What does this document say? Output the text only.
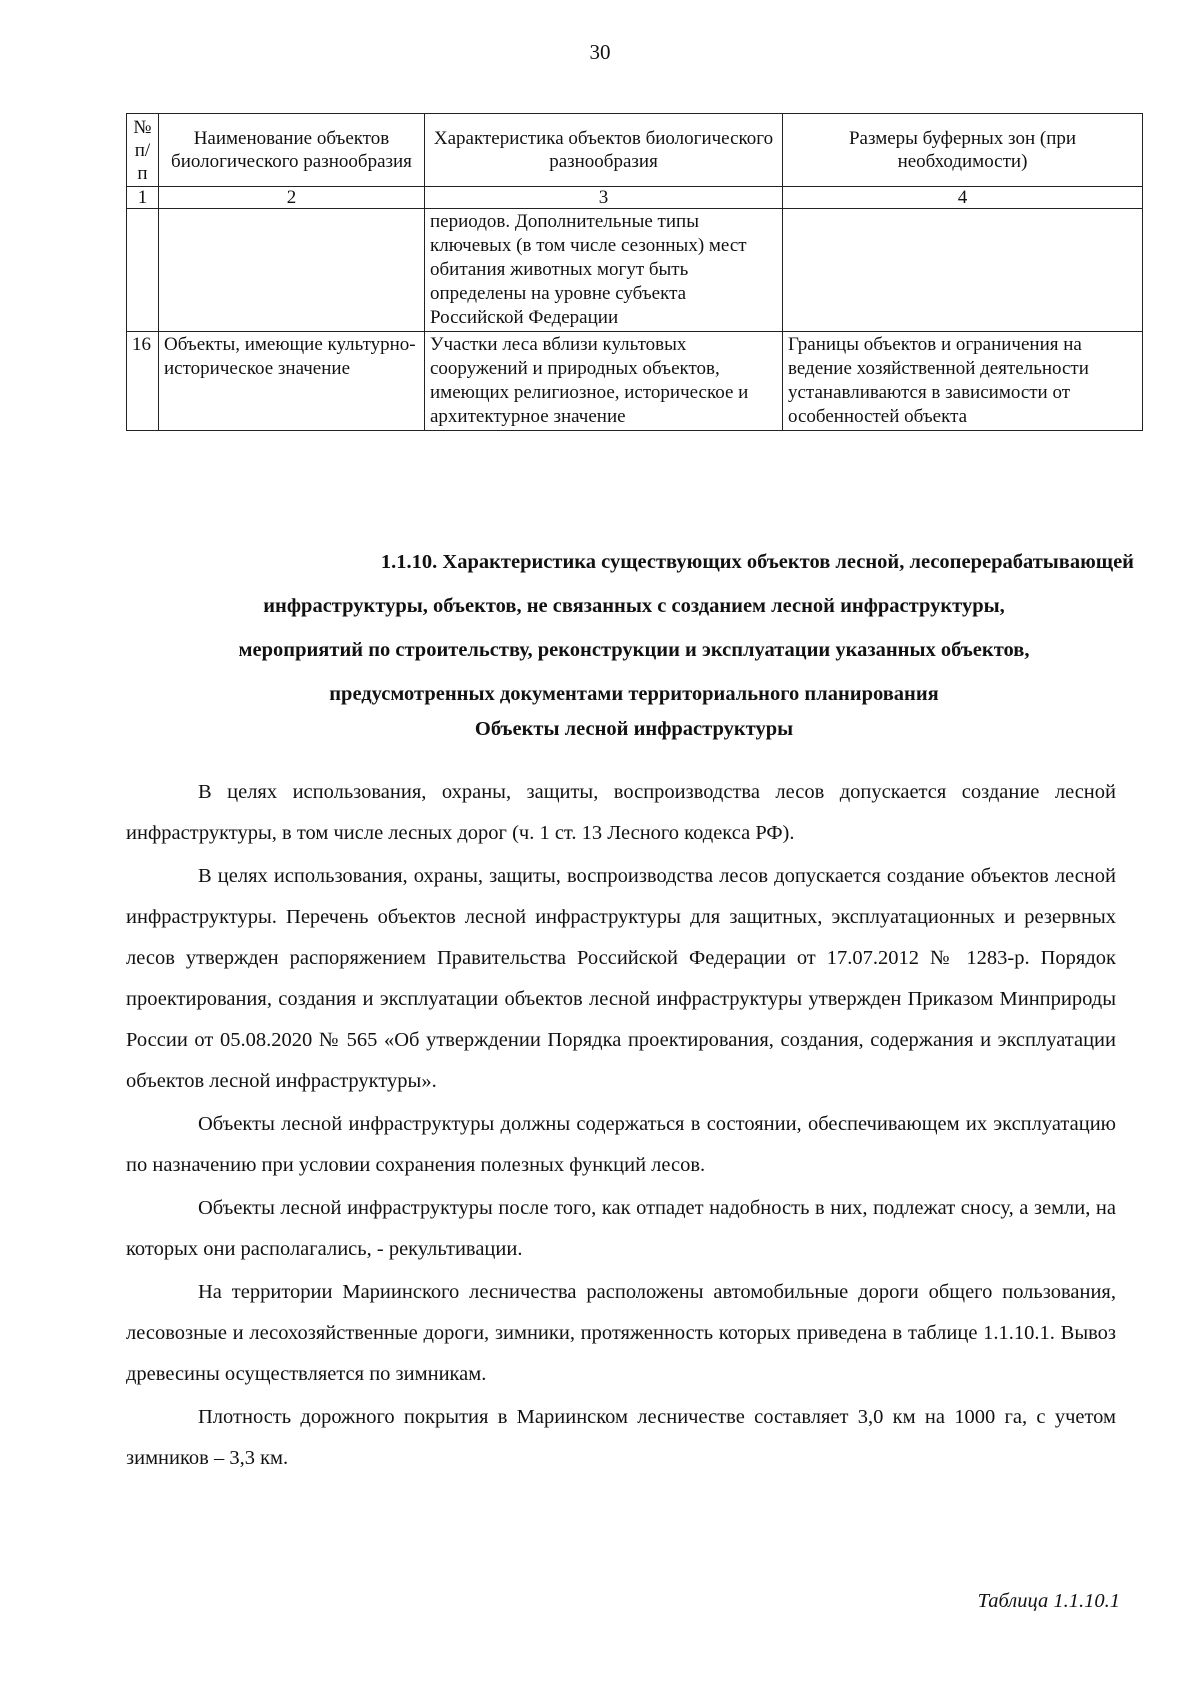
30
№ п/п	Наименование объектов биологического разнообразия	Характеристика объектов биологического разнообразия	Размеры буферных зон (при необходимости)
1	2	3	4
		периодов. Дополнительные типы ключевых (в том числе сезонных) мест обитания животных могут быть определены на уровне субъекта Российской Федерации	
16	Объекты, имеющие культурно-историческое значение	Участки леса вблизи культовых сооружений и природных объектов, имеющих религиозное, историческое и архитектурное значение	Границы объектов и ограничения на ведение хозяйственной деятельности устанавливаются в зависимости от особенностей объекта
1.1.10. Характеристика существующих объектов лесной, лесоперерабатывающей
инфраструктуры, объектов, не связанных с созданием лесной инфраструктуры,
мероприятий по строительству, реконструкции и эксплуатации указанных объектов,
предусмотренных документами территориального планирования
Объекты лесной инфраструктуры

В целях использования, охраны, защиты, воспроизводства лесов допускается создание лесной инфраструктуры, в том числе лесных дорог (ч. 1 ст. 13 Лесного кодекса РФ).

В целях использования, охраны, защиты, воспроизводства лесов допускается создание объектов лесной инфраструктуры. Перечень объектов лесной инфраструктуры для защитных, эксплуатационных и резервных лесов утвержден распоряжением Правительства Российской Федерации от 17.07.2012 № 1283-р. Порядок проектирования, создания и эксплуатации объектов лесной инфраструктуры утвержден Приказом Минприроды России от 05.08.2020 № 565 «Об утверждении Порядка проектирования, создания, содержания и эксплуатации объектов лесной инфраструктуры».

Объекты лесной инфраструктуры должны содержаться в состоянии, обеспечивающем их эксплуатацию по назначению при условии сохранения полезных функций лесов.

Объекты лесной инфраструктуры после того, как отпадет надобность в них, подлежат сносу, а земли, на которых они располагались, - рекультивации.

На территории Мариинского лесничества расположены автомобильные дороги общего пользования, лесовозные и лесохозяйственные дороги, зимники, протяженность которых приведена в таблице 1.1.10.1. Вывоз древесины осуществляется по зимникам.

Плотность дорожного покрытия в Мариинском лесничестве составляет 3,0 км на 1000 га, с учетом зимников – 3,3 км.

Таблица 1.1.10.1
